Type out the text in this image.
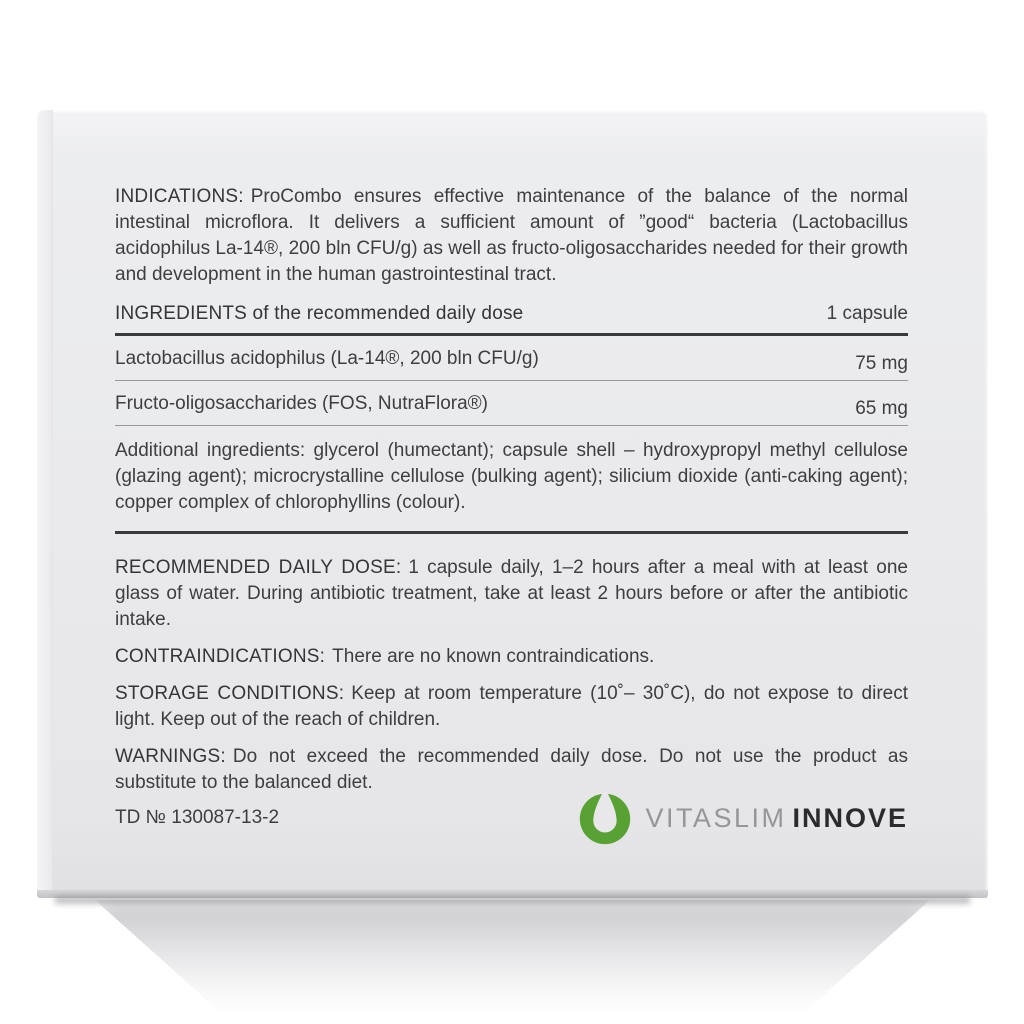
INDICATIONS: ProCombo ensures effective maintenance of the balance of the normal intestinal microflora. It delivers a sufficient amount of ”good“ bacteria (Lactobacillus acidophilus La-14®, 200 bln CFU/g) as well as fructo-oligosaccharides needed for their growth and development in the human gastrointestinal tract.

INGREDIENTS of the recommended daily dose	1 capsule
Lactobacillus acidophilus (La-14®, 200 bln CFU/g)	75 mg
Fructo-oligosaccharides (FOS, NutraFlora®)	65 mg

Additional ingredients: glycerol (humectant); capsule shell – hydroxypropyl methyl cellulose (glazing agent); microcrystalline cellulose (bulking agent); silicium dioxide (anti-caking agent); copper complex of chlorophyllins (colour).

RECOMMENDED DAILY DOSE: 1 capsule daily, 1–2 hours after a meal with at least one glass of water. During antibiotic treatment, take at least 2 hours before or after the antibiotic intake.

CONTRAINDICATIONS: There are no known contraindications.

STORAGE CONDITIONS: Keep at room temperature (10˚– 30˚C), do not expose to direct light. Keep out of the reach of children.

WARNINGS: Do not exceed the recommended daily dose. Do not use the product as substitute to the balanced diet.

TD № 130087-13-2	VITASLIM INNOVE
